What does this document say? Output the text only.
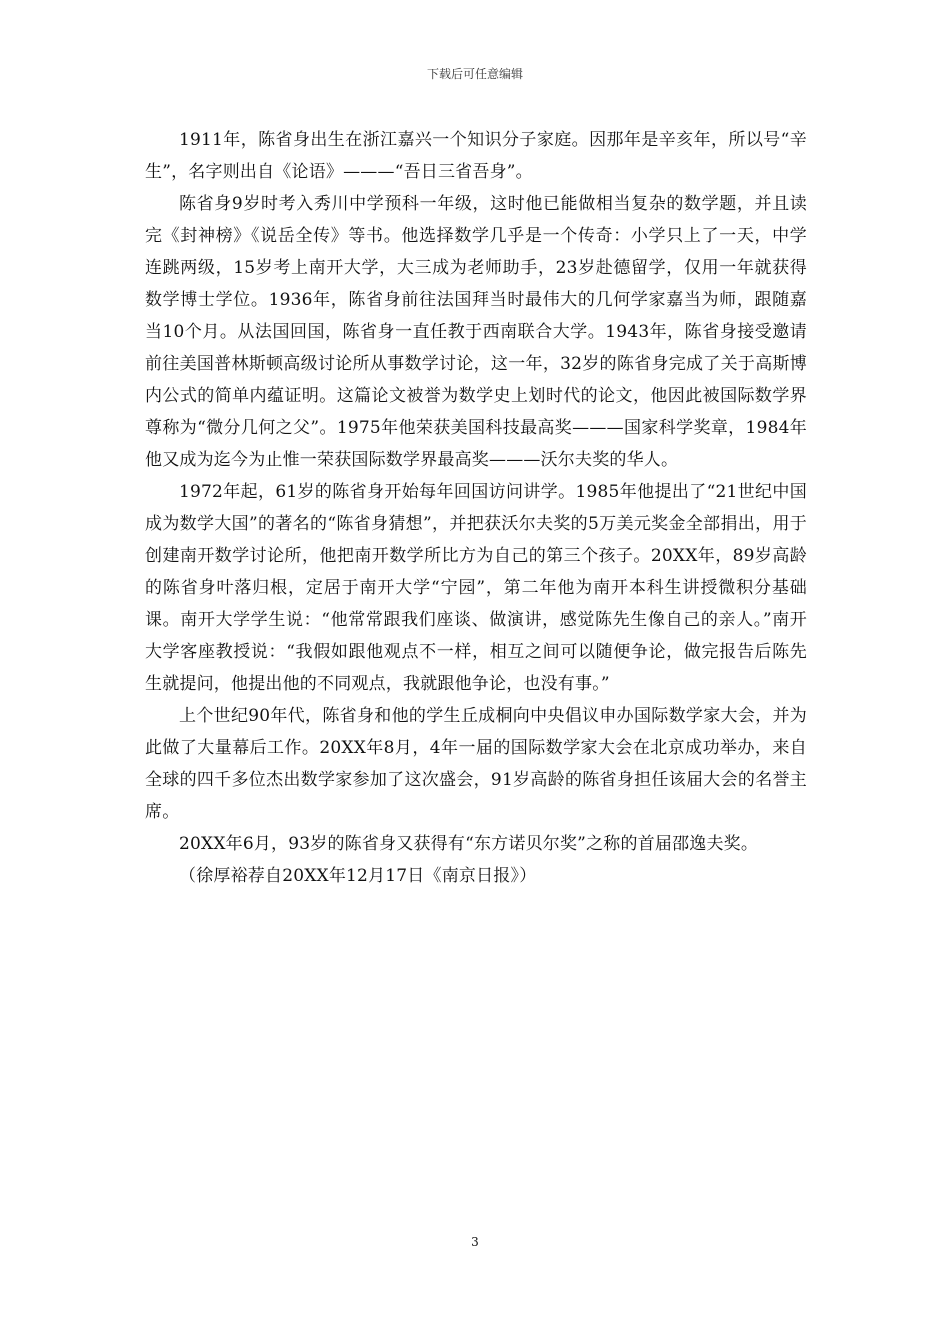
下载后可任意编辑

1911年，陈省身出生在浙江嘉兴一个知识分子家庭。因那年是辛亥年，所以号“辛生”，名字则出自《论语》———“吾日三省吾身”。

陈省身9岁时考入秀川中学预科一年级，这时他已能做相当复杂的数学题，并且读完《封神榜》《说岳全传》等书。他选择数学几乎是一个传奇：小学只上了一天，中学连跳两级，15岁考上南开大学，大三成为老师助手，23岁赴德留学，仅用一年就获得数学博士学位。1936年，陈省身前往法国拜当时最伟大的几何学家嘉当为师，跟随嘉当10个月。从法国回国，陈省身一直任教于西南联合大学。1943年，陈省身接受邀请前往美国普林斯顿高级讨论所从事数学讨论，这一年，32岁的陈省身完成了关于高斯博内公式的简单内蕴证明。这篇论文被誉为数学史上划时代的论文，他因此被国际数学界尊称为“微分几何之父”。1975年他荣获美国科技最高奖———国家科学奖章，1984年他又成为迄今为止惟一荣获国际数学界最高奖———沃尔夫奖的华人。

1972年起，61岁的陈省身开始每年回国访问讲学。1985年他提出了“21世纪中国成为数学大国”的著名的“陈省身猜想”，并把获沃尔夫奖的5万美元奖金全部捐出，用于创建南开数学讨论所，他把南开数学所比方为自己的第三个孩子。20XX年，89岁高龄的陈省身叶落归根，定居于南开大学“宁园”，第二年他为南开本科生讲授微积分基础课。南开大学学生说：“他常常跟我们座谈、做演讲，感觉陈先生像自己的亲人。”南开大学客座教授说：“我假如跟他观点不一样，相互之间可以随便争论，做完报告后陈先生就提问，他提出他的不同观点，我就跟他争论，也没有事。”

上个世纪90年代，陈省身和他的学生丘成桐向中央倡议申办国际数学家大会，并为此做了大量幕后工作。20XX年8月，4年一届的国际数学家大会在北京成功举办，来自全球的四千多位杰出数学家参加了这次盛会，91岁高龄的陈省身担任该届大会的名誉主席。

20XX年6月，93岁的陈省身又获得有“东方诺贝尔奖”之称的首届邵逸夫奖。

（徐厚裕荐自20XX年12月17日《南京日报》）

3
